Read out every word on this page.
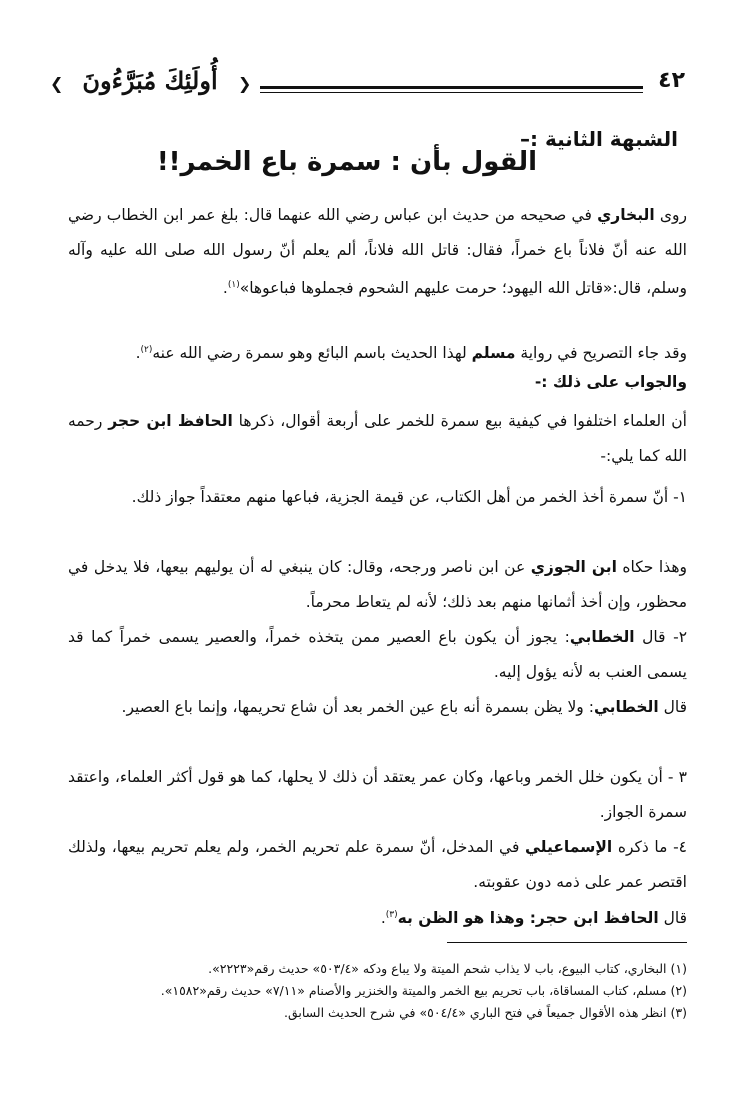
❮ أُولَئِكَ مُبَرَّءُونَ	❯	٤٢
الشبهة الثانية :–
القول بأن : سمرة باع الخمر!!
روى البخاري في صحيحه من حديث ابن عباس رضي الله عنهما قال: بلغ عمر ابن الخطاب رضي الله عنه أنّ فلاناً باع خمراً، فقال: قاتل الله فلاناً، ألم يعلم أنّ رسول الله صلى الله عليه وآله وسلم، قال:«قاتل الله اليهود؛ حرمت عليهم الشحوم فجملوها فباعوها»$^{(١)}$.
وقد جاء التصريح في رواية مسلم لهذا الحديث باسم البائع وهو سمرة رضي الله عنه$^{(٢)}$.
والجواب على ذلك :-
أن العلماء اختلفوا في كيفية بيع سمرة للخمر على أربعة أقوال، ذكرها الحافظ ابن حجر رحمه الله كما يلي:-
١- أنّ سمرة أخذ الخمر من أهل الكتاب، عن قيمة الجزية، فباعها منهم معتقداً جواز ذلك.
وهذا حكاه ابن الجوزي عن ابن ناصر ورجحه، وقال: كان ينبغي له أن يوليهم بيعها، فلا يدخل في محظور، وإن أخذ أثمانها منهم بعد ذلك؛ لأنه لم يتعاط محرماً.
٢- قال الخطابي: يجوز أن يكون باع العصير ممن يتخذه خمراً، والعصير يسمى خمراً كما قد يسمى العنب به لأنه يؤول إليه.
قال الخطابي: ولا يظن بسمرة أنه باع عين الخمر بعد أن شاع تحريمها، وإنما باع العصير.
٣ - أن يكون خلل الخمر وباعها، وكان عمر يعتقد أن ذلك لا يحلها، كما هو قول أكثر العلماء، واعتقد سمرة الجواز.
٤- ما ذكره الإسماعيلي في المدخل، أنّ سمرة علم تحريم الخمر، ولم يعلم تحريم بيعها، ولذلك اقتصر عمر على ذمه دون عقوبته.
قال الحافظ ابن حجر: وهذا هو الظن به$^{(٣)}$.
(١) البخاري، كتاب البيوع، باب لا يذاب شحم الميتة ولا يباع ودكه «٥٠٣/٤» حديث رقم«٢٢٢٣».
(٢) مسلم، كتاب المساقاة، باب تحريم بيع الخمر والميتة والخنزير والأصنام «٧/١١» حديث رقم«١٥٨٢».
(٣) انظر هذه الأقوال جميعاً في فتح الباري «٥٠٤/٤» في شرح الحديث السابق.
